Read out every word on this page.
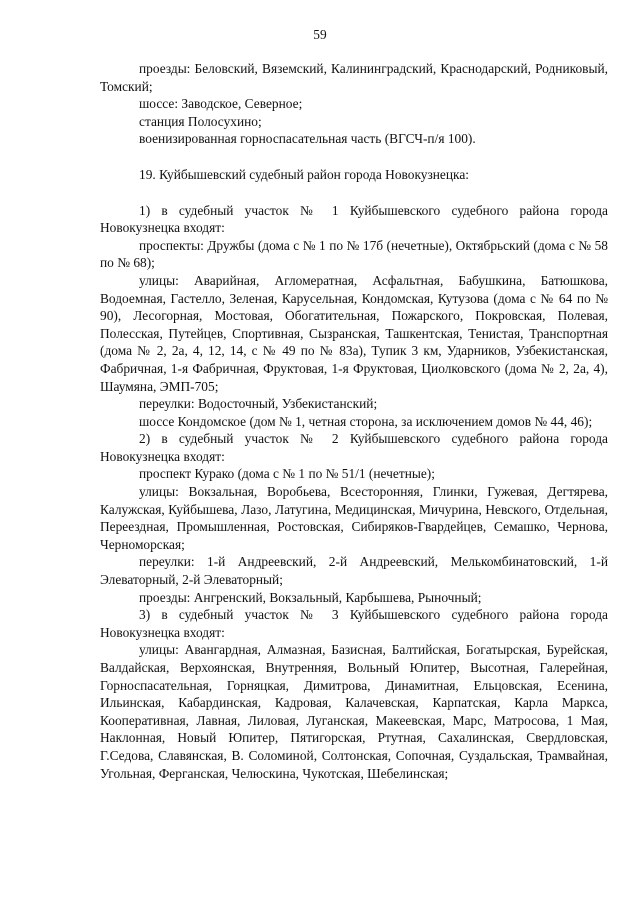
59

проезды: Беловский, Вяземский, Калининградский, Краснодарский, Родниковый, Томский;

шоссе: Заводское, Северное;

станция Полосухино;

военизированная горноспасательная часть (ВГСЧ-п/я 100).

19. Куйбышевский судебный район города Новокузнецка:

1) в судебный участок № 1 Куйбышевского судебного района города Новокузнецка входят:

проспекты: Дружбы (дома с № 1 по № 17б (нечетные), Октябрьский (дома с № 58 по № 68);

улицы: Аварийная, Агломератная, Асфальтная, Бабушкина, Батюшкова, Водоемная, Гастелло, Зеленая, Карусельная, Кондомская, Кутузова (дома с № 64 по № 90), Лесогорная, Мостовая, Обогатительная, Пожарского, Покровская, Полевая, Полесская, Путейцев, Спортивная, Сызранская, Ташкентская, Тенистая, Транспортная (дома № 2, 2а, 4, 12, 14, с № 49 по № 83а), Тупик 3 км, Ударников, Узбекистанская, Фабричная, 1-я Фабричная, Фруктовая, 1-я Фруктовая, Циолковского (дома № 2, 2а, 4), Шаумяна, ЭМП-705;

переулки: Водосточный, Узбекистанский;

шоссе Кондомское (дом № 1, четная сторона, за исключением домов № 44, 46);

2) в судебный участок № 2 Куйбышевского судебного района города Новокузнецка входят:

проспект Курако (дома с № 1 по № 51/1 (нечетные);

улицы: Вокзальная, Воробьева, Всесторонняя, Глинки, Гужевая, Дегтярева, Калужская, Куйбышева, Лазо, Латугина, Медицинская, Мичурина, Невского, Отдельная, Переездная, Промышленная, Ростовская, Сибиряков-Гвардейцев, Семашко, Чернова, Черноморская;

переулки: 1-й Андреевский, 2-й Андреевский, Мелькомбинатовский, 1-й Элеваторный, 2-й Элеваторный;

проезды: Ангренский, Вокзальный, Карбышева, Рыночный;

3) в судебный участок № 3 Куйбышевского судебного района города Новокузнецка входят:

улицы: Авангардная, Алмазная, Базисная, Балтийская, Богатырская, Бурейская, Валдайская, Верхоянская, Внутренняя, Вольный Юпитер, Высотная, Галерейная, Горноспасательная, Горняцкая, Димитрова, Динамитная, Ельцовская, Есенина, Ильинская, Кабардинская, Кадровая, Калачевская, Карпатская, Карла Маркса, Кооперативная, Лавная, Лиловая, Луганская, Макеевская, Марс, Матросова, 1 Мая, Наклонная, Новый Юпитер, Пятигорская, Ртутная, Сахалинская, Свердловская, Г.Седова, Славянская, В. Соломиной, Солтонская, Сопочная, Суздальская, Трамвайная, Угольная, Ферганская, Челюскина, Чукотская, Шебелинская;
